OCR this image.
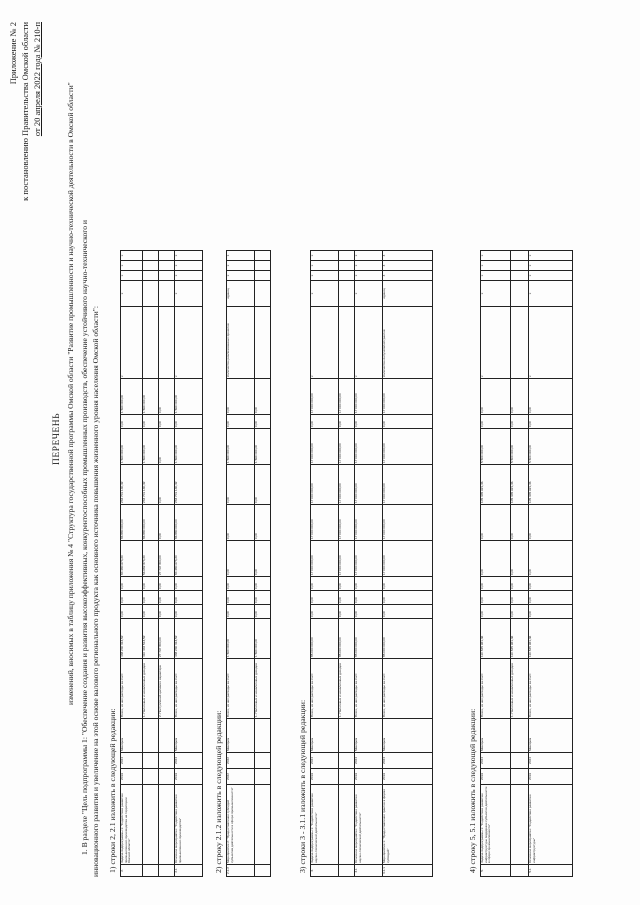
Приложение № 2 к постановлению Правительства Омской области от 20 апреля 2022 года № 210-п
ПЕРЕЧЕНЬ изменений, вносимых в таблицу приложения № 4 "Структура государственной программы Омской области "Развитие промышленности и научно-технической деятельности в Омской области" 1. В разделе "Цель подпрограммы 1: "Обеспечение создания и развития высокоэффективных, конкурентоспособных промышленных производств, обеспечение устойчивого научно-технического и инновационного развития и увеличение на этой основе валового регионального продукта как основного источника повышения жизненного уровня населения Омской области": 1) строки 2, 2.1 изложить в следующей редакции: 2.	Задача подпрограммы 1: "Содействие развитию промышленного производства на территории Омской области"	2019	2024	Минпром	Всего, из них расходы за счет:	438 240 313,52	0,00	0,00	0,00	84 480 673,20	86 880 000,00	233 701 140,32	1 560 000,00	0,00	1 560 000,00	х	х	х	х	х
					1. Налоговых и неналоговых доходов	410 442 513,52	0,00	0,00	0,00	56 682 873,20	86 880 000,00	233 701 140,32	1 560 000,00	0,00	1 560 000,00					
					2. Поступлений целевого характера	27 797 800,00	0,00	0,00	0,00	27 797 800,00	0,00	0,00	0,00	0,00	0,00					
2.1	Основное мероприятие: "Содействие развитию промышленного производства"	2019	2024	Минпром	Всего, из них расходы за счет:	438 240 313,52	0,00	0,00	0,00	84 480 673,20	86 880 000,00	233 701 140,32	1 560 000,00	0,00	1 560 000,00	х	х	х	х	х
2) строку 2.1.2 изложить в следующей редакции: 2.1.2	Мероприятие 2: "Предоставление субсидий субъектам деятельности в сфере промышленности"	2022	2022	Минпром	Всего, из них расходы за счет:	1 560 000,00	0,00	0,00	0,00	0,00	0,00	0,00	1 560 000,00	0,00	0,00	Количество реализованных проектов	единиц	х	х	1
					1. Налоговых и неналоговых доходов	1 560 000,00	0,00	0,00	0,00	0,00	0,00	0,00	1 560 000,00	0,00	0,00					
3) строки 3 - 3.1.1 изложить в следующей редакции: 3.	Задача подпрограммы 1: "Содействие развитию научно-технической деятельности"	2019	2024	Минпром	Всего, из них расходы за счет:	85 000 000,00	0,00	0,00	0,00	17 000 000,00	17 000 000,00	17 000 000,00	17 000 000,00	0,00	17 000 000,00	х	х	х	х	х
					1. Налоговых и неналоговых доходов	85 000 000,00	0,00	0,00	0,00	17 000 000,00	17 000 000,00	17 000 000,00	17 000 000,00	0,00	17 000 000,00					
3.1	Основное мероприятие: "Содействие развитию научно-технической деятельности"	2019	2024	Минпром	Всего, из них расходы за счет:	85 000 000,00	0,00	0,00	0,00	17 000 000,00	17 000 000,00	17 000 000,00	17 000 000,00	0,00	17 000 000,00	х	х	х	х	х
3.1.1	Мероприятие 1: "Предоставление грантов в форме субсидий"	2019	2024	Минпром	Всего, из них расходы за счет:	85 000 000,00	0,00	0,00	0,00	17 000 000,00	17 000 000,00	17 000 000,00	17 000 000,00	0,00	17 000 000,00	Количество получателей грантов	единиц	4	4	4
4) строку 5, 5.1 изложить в следующей редакции: 5.	Задача подпрограммы 1: "Содействие развитию инфраструктуры поддержки субъектов деятельности в сфере промышленности"	2019	2024	Минпром	Всего, из них расходы за счет:	110 845 921,36	0,00	0,00	0,00	0,00	0,00	105 345 921,36	5 500 000,00	0,00	0,00	х	х	х	х	х
					1. Налоговых и неналоговых доходов	110 845 921,36	0,00	0,00	0,00	0,00	0,00	105 345 921,36	5 500 000,00	0,00	0,00					
5.1	Основное мероприятие: "Содействие развитию инфраструктуры"	2019	2024	Минпром	Всего, из них расходы за счет:	110 845 921,36	0,00	0,00	0,00	0,00	0,00	105 345 921,36	5 500 000,00	0,00	0,00	х	х	х	х	х
